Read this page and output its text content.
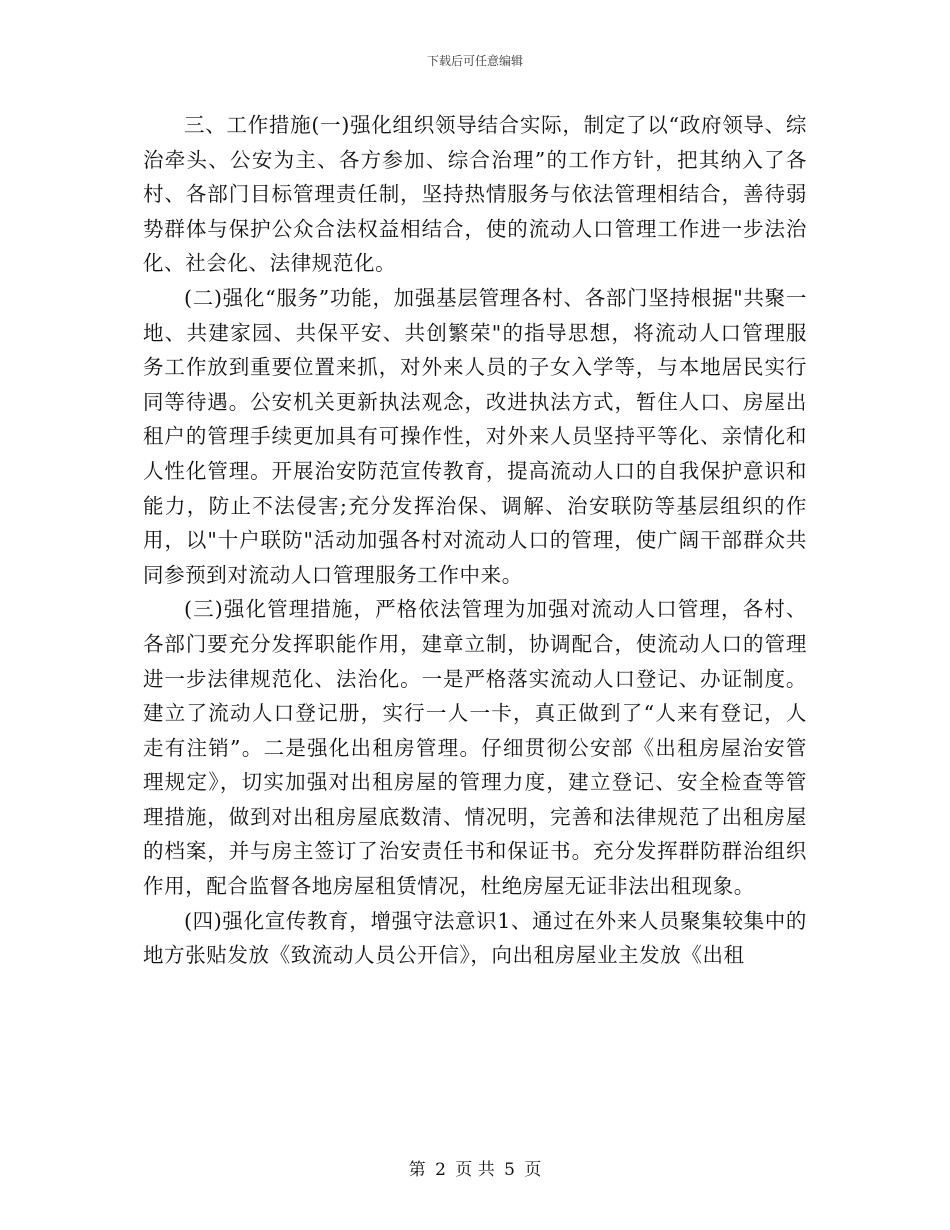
下载后可任意编辑

三、工作措施(一)强化组织领导结合实际，制定了以“政府领导、综治牵头、公安为主、各方参加、综合治理”的工作方针，把其纳入了各村、各部门目标管理责任制，坚持热情服务与依法管理相结合，善待弱势群体与保护公众合法权益相结合，使的流动人口管理工作进一步法治化、社会化、法律规范化。

(二)强化“服务”功能，加强基层管理各村、各部门坚持根据"共聚一地、共建家园、共保平安、共创繁荣"的指导思想，将流动人口管理服务工作放到重要位置来抓，对外来人员的子女入学等，与本地居民实行同等待遇。公安机关更新执法观念，改进执法方式，暂住人口、房屋出租户的管理手续更加具有可操作性，对外来人员坚持平等化、亲情化和人性化管理。开展治安防范宣传教育，提高流动人口的自我保护意识和能力，防止不法侵害;充分发挥治保、调解、治安联防等基层组织的作用，以"十户联防"活动加强各村对流动人口的管理，使广阔干部群众共同参预到对流动人口管理服务工作中来。

(三)强化管理措施，严格依法管理为加强对流动人口管理，各村、各部门要充分发挥职能作用，建章立制，协调配合，使流动人口的管理进一步法律规范化、法治化。一是严格落实流动人口登记、办证制度。建立了流动人口登记册，实行一人一卡，真正做到了“人来有登记，人走有注销”。二是强化出租房管理。仔细贯彻公安部《出租房屋治安管理规定》，切实加强对出租房屋的管理力度，建立登记、安全检查等管理措施，做到对出租房屋底数清、情况明，完善和法律规范了出租房屋的档案，并与房主签订了治安责任书和保证书。充分发挥群防群治组织作用，配合监督各地房屋租赁情况，杜绝房屋无证非法出租现象。

(四)强化宣传教育，增强守法意识1、通过在外来人员聚集较集中的地方张贴发放《致流动人员公开信》，向出租房屋业主发放《出租

第 2 页 共 5 页
